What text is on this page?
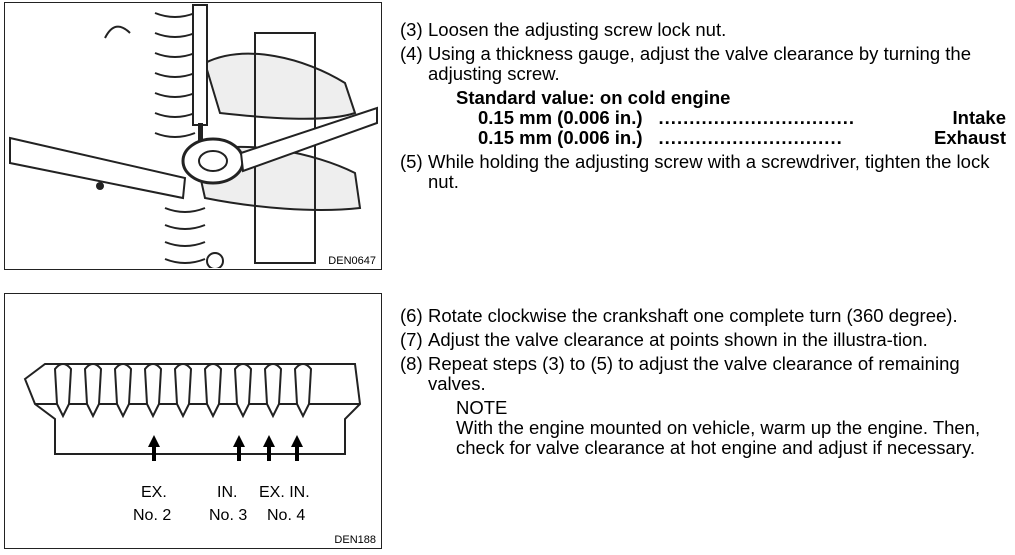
DEN0647
EX.
No. 2
IN.
No. 3
EX. IN.
No. 4
DEN188
(3) Loosen the adjusting screw lock nut.
(4) Using a thickness gauge, adjust the valve clearance by turning the adjusting screw.
Standard value: on cold engine
0.15 mm (0.006 in.) ................................	Intake
0.15 mm (0.006 in.) ..............................	Exhaust
(5) While holding the adjusting screw with a screwdriver, tighten the lock nut.
(6) Rotate clockwise the crankshaft one complete turn (360 degree).
(7) Adjust the valve clearance at points shown in the illustra-tion.
(8) Repeat steps (3) to (5) to adjust the valve clearance of remaining valves.
NOTE
With the engine mounted on vehicle, warm up the engine. Then, check for valve clearance at hot engine and adjust if necessary.
